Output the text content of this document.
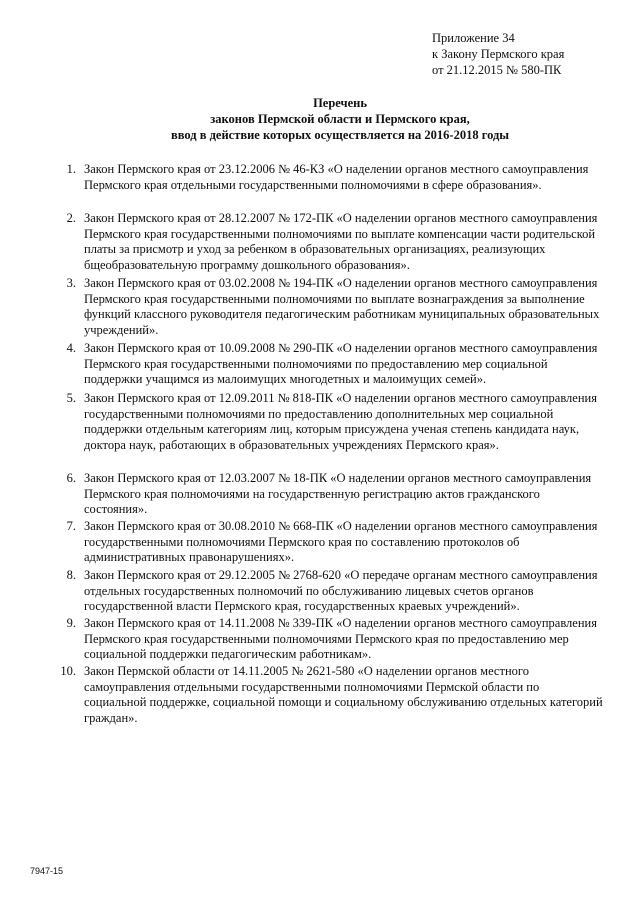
Приложение 34
к Закону Пермского края
от 21.12.2015 № 580-ПК
Перечень
законов Пермской области и Пермского края,
ввод в действие которых осуществляется на 2016-2018 годы
1. Закон Пермского края от 23.12.2006 № 46-КЗ «О наделении органов местного самоуправления
Пермского края отдельными государственными полномочиями в сфере образования».
2. Закон Пермского края от 28.12.2007 № 172-ПК «О наделении органов местного самоуправления
Пермского края государственными полномочиями по выплате компенсации части родительской
платы за присмотр и уход за ребенком в образовательных организациях, реализующих
бщеобразовательную программу дошкольного образования».
3. Закон Пермского края от 03.02.2008 № 194-ПК «О наделении органов местного самоуправления
Пермского края государственными полномочиями по выплате вознаграждения за выполнение
функций классного руководителя педагогическим работникам муниципальных образовательных
учреждений».
4. Закон Пермского края от 10.09.2008 № 290-ПК «О наделении органов местного самоуправления
Пермского края государственными полномочиями по предоставлению мер социальной
поддержки учащимся из малоимущих многодетных и малоимущих семей».
5. Закон Пермского края от 12.09.2011 № 818-ПК «О наделении органов местного самоуправления
государственными полномочиями по предоставлению дополнительных мер социальной
поддержки отдельным категориям лиц, которым присуждена ученая степень кандидата наук,
доктора наук, работающих в образовательных учреждениях Пермского края».
6. Закон Пермского края от 12.03.2007 № 18-ПК «О наделении органов местного самоуправления
Пермского края полномочиями на государственную регистрацию актов гражданского
состояния».
7. Закон Пермского края от 30.08.2010 № 668-ПК «О наделении органов местного самоуправления
государственными полномочиями Пермского края по составлению протоколов об
административных правонарушениях».
8. Закон Пермского края от 29.12.2005 № 2768-620 «О передаче органам местного самоуправления
отдельных государственных полномочий по обслуживанию лицевых счетов органов
государственной власти Пермского края, государственных краевых учреждений».
9. Закон Пермского края от 14.11.2008 № 339-ПК «О наделении органов местного самоуправления
Пермского края государственными полномочиями Пермского края по предоставлению мер
социальной поддержки педагогическим работникам».
10. Закон Пермской области от 14.11.2005 № 2621-580 «О наделении органов местного
самоуправления отдельными государственными полномочиями Пермской области по
социальной поддержке, социальной помощи и социальному обслуживанию отдельных категорий
граждан».
7947-15
